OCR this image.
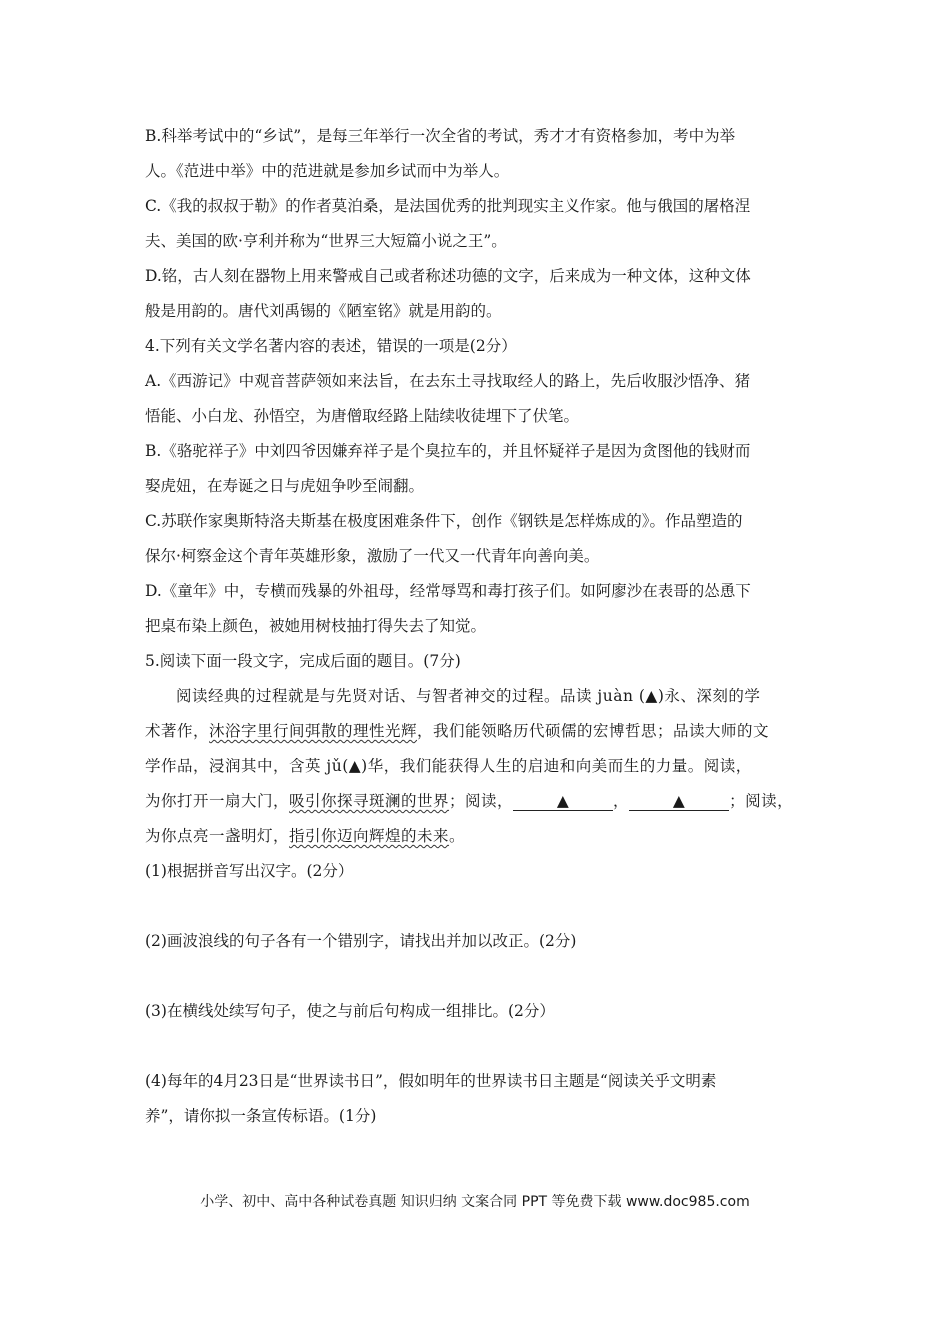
B.科举考试中的“乡试”，是每三年举行一次全省的考试，秀才才有资格参加，考中为举
人。《范进中举》中的范进就是参加乡试而中为举人。
C.《我的叔叔于勒》的作者莫泊桑，是法国优秀的批判现实主义作家。他与俄国的屠格涅
夫、美国的欧·亨利并称为“世界三大短篇小说之王”。
D.铭，古人刻在器物上用来警戒自己或者称述功德的文字，后来成为一种文体，这种文体
般是用韵的。唐代刘禹锡的《陋室铭》就是用韵的。
4.下列有关文学名著内容的表述，错误的一项是(2分）
A.《西游记》中观音菩萨领如来法旨，在去东土寻找取经人的路上，先后收服沙悟净、猪
悟能、小白龙、孙悟空，为唐僧取经路上陆续收徒埋下了伏笔。
B.《骆驼祥子》中刘四爷因嫌弃祥子是个臭拉车的，并且怀疑祥子是因为贪图他的钱财而
娶虎妞，在寿诞之日与虎妞争吵至闹翻。
C.苏联作家奥斯特洛夫斯基在极度困难条件下，创作《钢铁是怎样炼成的》。作品塑造的
保尔·柯察金这个青年英雄形象，激励了一代又一代青年向善向美。
D.《童年》中，专横而残暴的外祖母，经常辱骂和毒打孩子们。如阿廖沙在表哥的怂恿下
把桌布染上颜色，被她用树枝抽打得失去了知觉。
5.阅读下面一段文字，完成后面的题目。(7分)
阅读经典的过程就是与先贤对话、与智者神交的过程。品读 juàn (▲)永、深刻的学
术著作，沐浴字里行间弭散的理性光辉，我们能领略历代硕儒的宏博哲思；品读大师的文
学作品，浸润其中，含英 jǔ(▲)华，我们能获得人生的启迪和向美而生的力量。阅读，
为你打开一扇大门，吸引你探寻斑澜的世界；阅读，	▲	，	▲	；阅读，
为你点亮一盏明灯，指引你迈向辉煌的未来。
(1)根据拼音写出汉字。(2分）
(2)画波浪线的句子各有一个错别字，请找出并加以改正。(2分)
(3)在横线处续写句子，使之与前后句构成一组排比。(2分）
(4)每年的4月23日是“世界读书日”，假如明年的世界读书日主题是“阅读关乎文明素
养”，请你拟一条宣传标语。(1分)
小学、初中、高中各种试卷真题 知识归纳 文案合同 PPT 等免费下载 www.doc985.com
